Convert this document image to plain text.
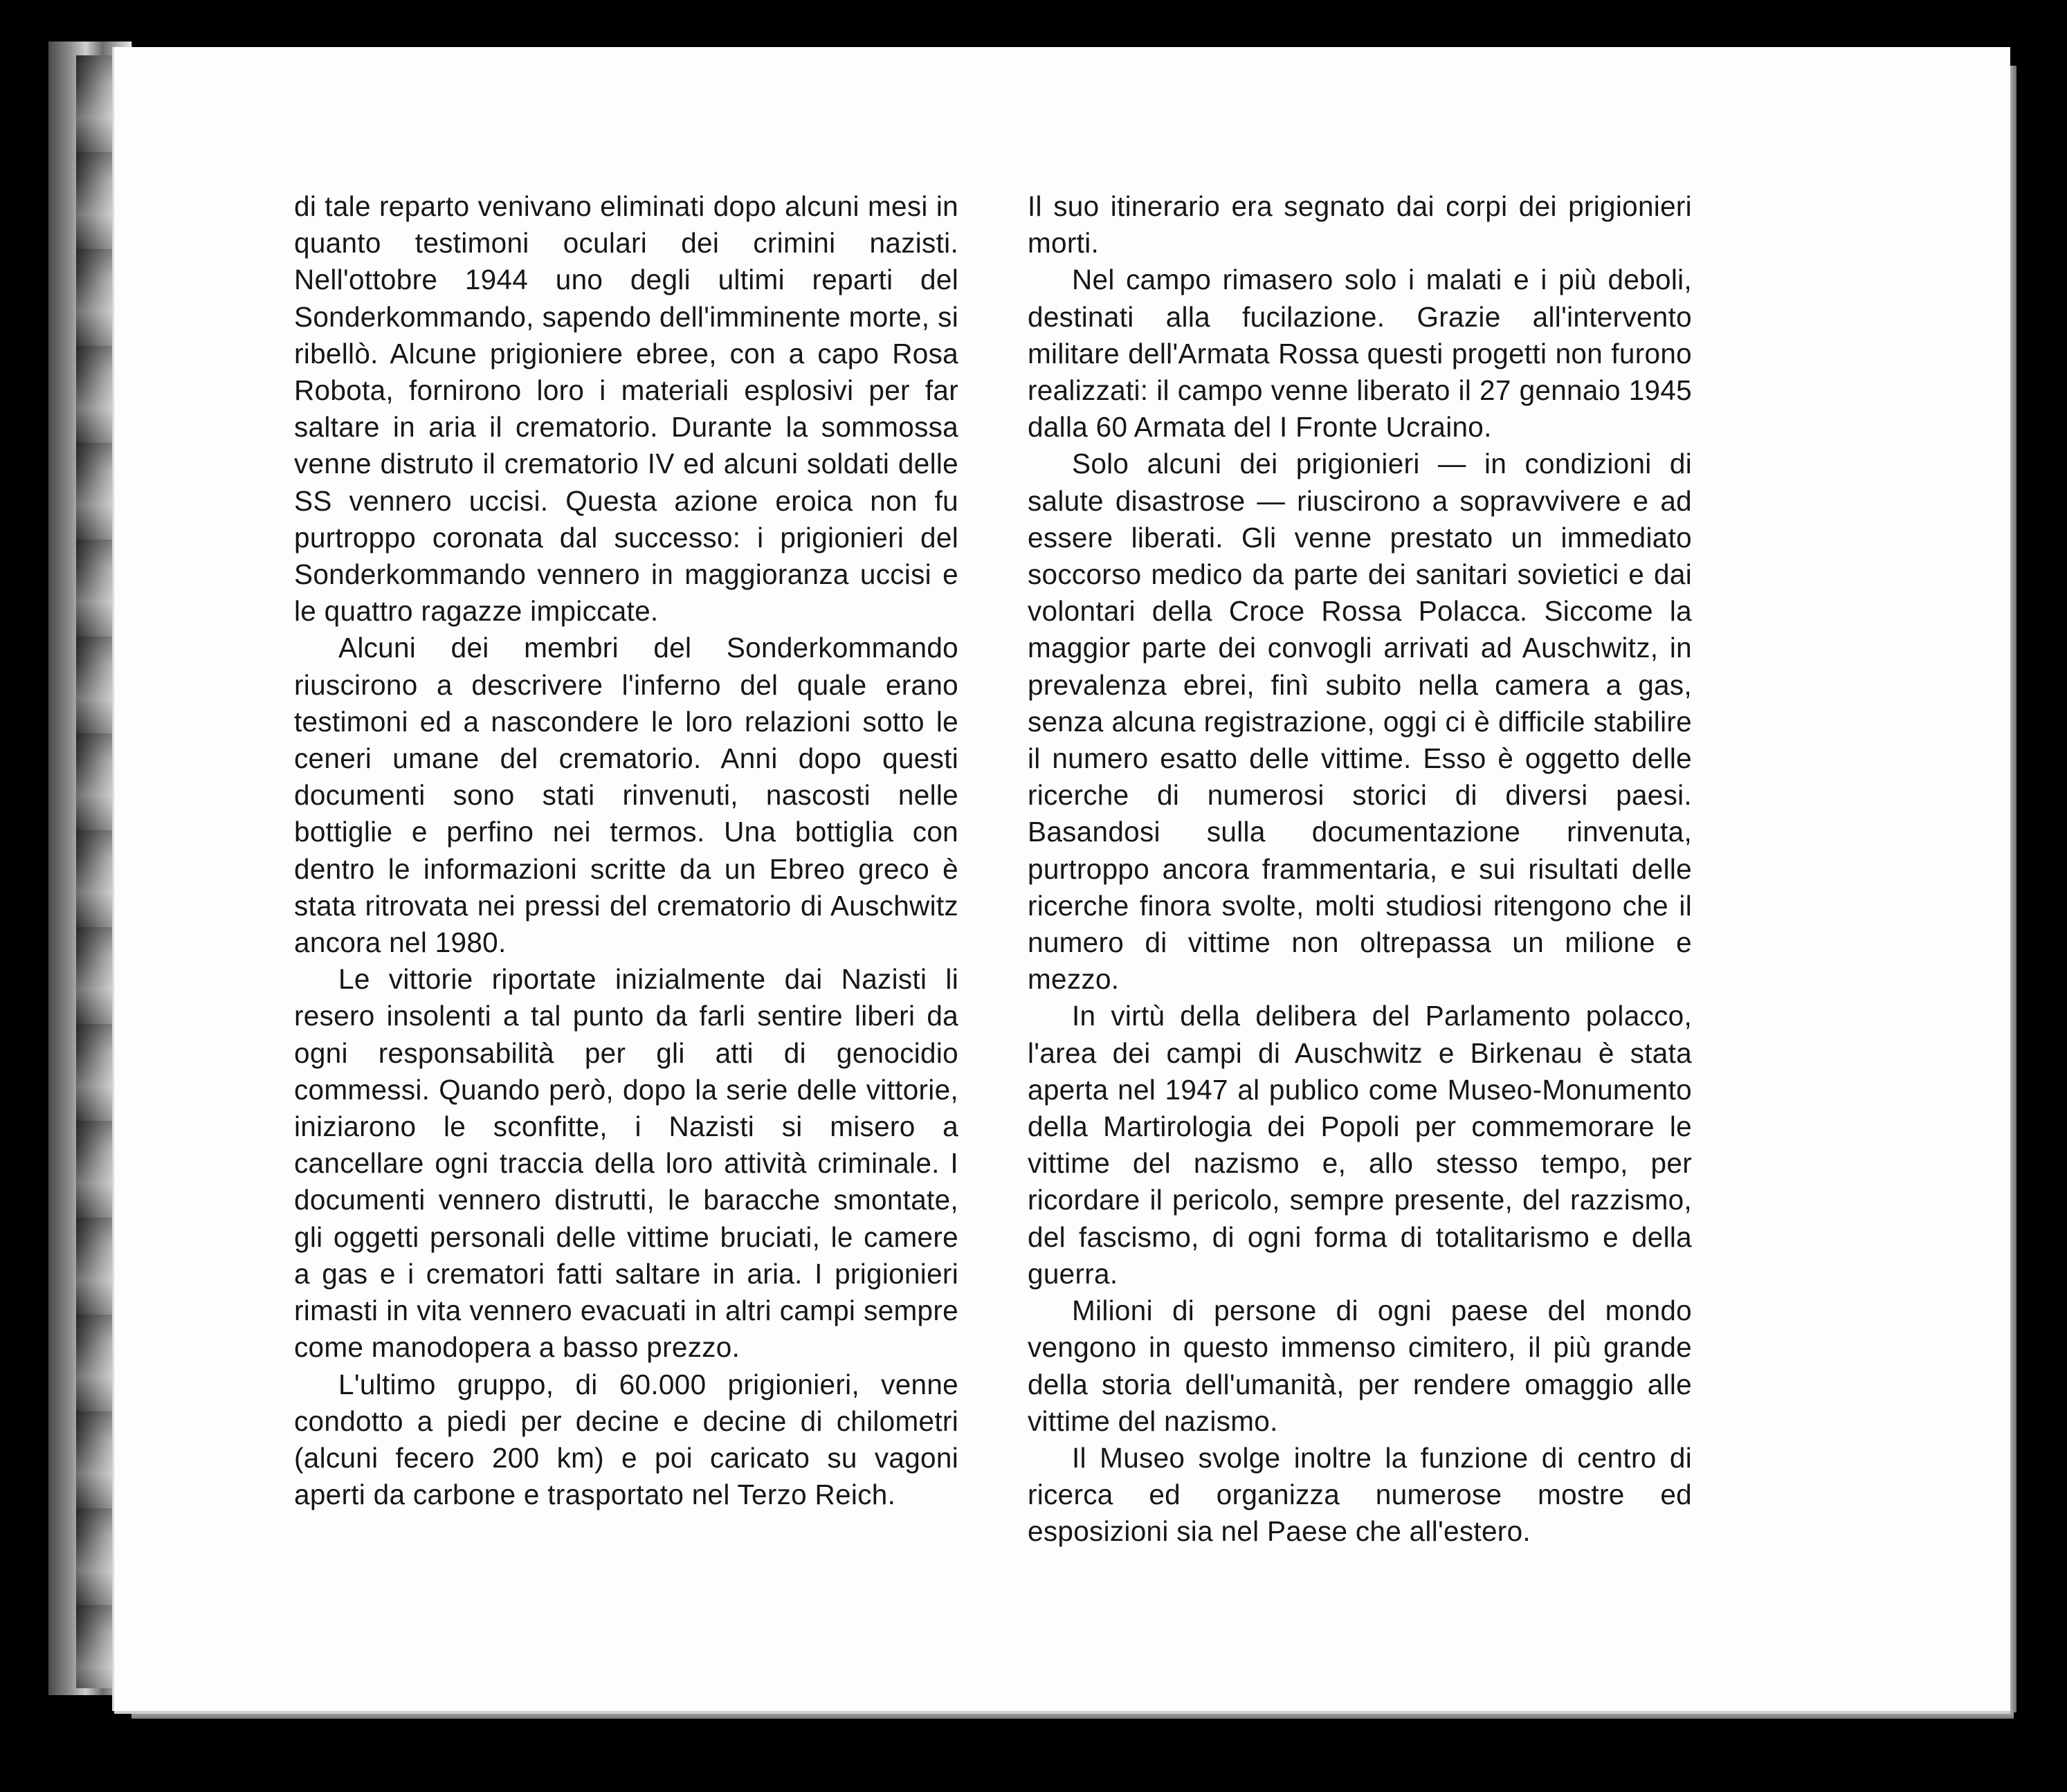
di tale reparto venivano eliminati dopo alcuni mesi in quanto testimoni oculari dei crimini nazisti. Nell'ottobre 1944 uno degli ultimi reparti del Sonderkommando, sapendo dell'imminente morte, si ribellò. Alcune prigioniere ebree, con a capo Rosa Robota, fornirono loro i materiali esplosivi per far saltare in aria il crematorio. Durante la sommossa venne distruto il crematorio IV ed alcuni soldati delle SS vennero uccisi. Questa azione eroica non fu purtroppo coronata dal successo: i prigionieri del Sonderkommando vennero in maggioranza uccisi e le quattro ragazze impiccate.

Alcuni dei membri del Sonderkommando riuscirono a descrivere l'inferno del quale erano testimoni ed a nascondere le loro relazioni sotto le ceneri umane del crematorio. Anni dopo questi documenti sono stati rinvenuti, nascosti nelle bottiglie e perfino nei termos. Una bottiglia con dentro le informazioni scritte da un Ebreo greco è stata ritrovata nei pressi del crematorio di Auschwitz ancora nel 1980.

Le vittorie riportate inizialmente dai Nazisti li resero insolenti a tal punto da farli sentire liberi da ogni responsabilità per gli atti di genocidio commessi. Quando però, dopo la serie delle vittorie, iniziarono le sconfitte, i Nazisti si misero a cancellare ogni traccia della loro attività criminale. I documenti vennero distrutti, le baracche smontate, gli oggetti personali delle vittime bruciati, le camere a gas e i crematori fatti saltare in aria. I prigionieri rimasti in vita vennero evacuati in altri campi sempre come manodopera a basso prezzo.

L'ultimo gruppo, di 60.000 prigionieri, venne condotto a piedi per decine e decine di chilometri (alcuni fecero 200 km) e poi caricato su vagoni aperti da carbone e trasportato nel Terzo Reich.

Il suo itinerario era segnato dai corpi dei prigionieri morti.

Nel campo rimasero solo i malati e i più deboli, destinati alla fucilazione. Grazie all'intervento militare dell'Armata Rossa questi progetti non furono realizzati: il campo venne liberato il 27 gennaio 1945 dalla 60 Armata del I Fronte Ucraino.

Solo alcuni dei prigionieri — in condizioni di salute disastrose — riuscirono a sopravvivere e ad essere liberati. Gli venne prestato un immediato soccorso medico da parte dei sanitari sovietici e dai volontari della Croce Rossa Polacca. Siccome la maggior parte dei convogli arrivati ad Auschwitz, in prevalenza ebrei, finì subito nella camera a gas, senza alcuna registrazione, oggi ci è difficile stabilire il numero esatto delle vittime. Esso è oggetto delle ricerche di numerosi storici di diversi paesi. Basandosi sulla documentazione rinvenuta, purtroppo ancora frammentaria, e sui risultati delle ricerche finora svolte, molti studiosi ritengono che il numero di vittime non oltrepassa un milione e mezzo.

In virtù della delibera del Parlamento polacco, l'area dei campi di Auschwitz e Birkenau è stata aperta nel 1947 al publico come Museo-Monumento della Martirologia dei Popoli per commemorare le vittime del nazismo e, allo stesso tempo, per ricordare il pericolo, sempre presente, del razzismo, del fascismo, di ogni forma di totalitarismo e della guerra.

Milioni di persone di ogni paese del mondo vengono in questo immenso cimitero, il più grande della storia dell'umanità, per rendere omaggio alle vittime del nazismo.

Il Museo svolge inoltre la funzione di centro di ricerca ed organizza numerose mostre ed esposizioni sia nel Paese che all'estero.
